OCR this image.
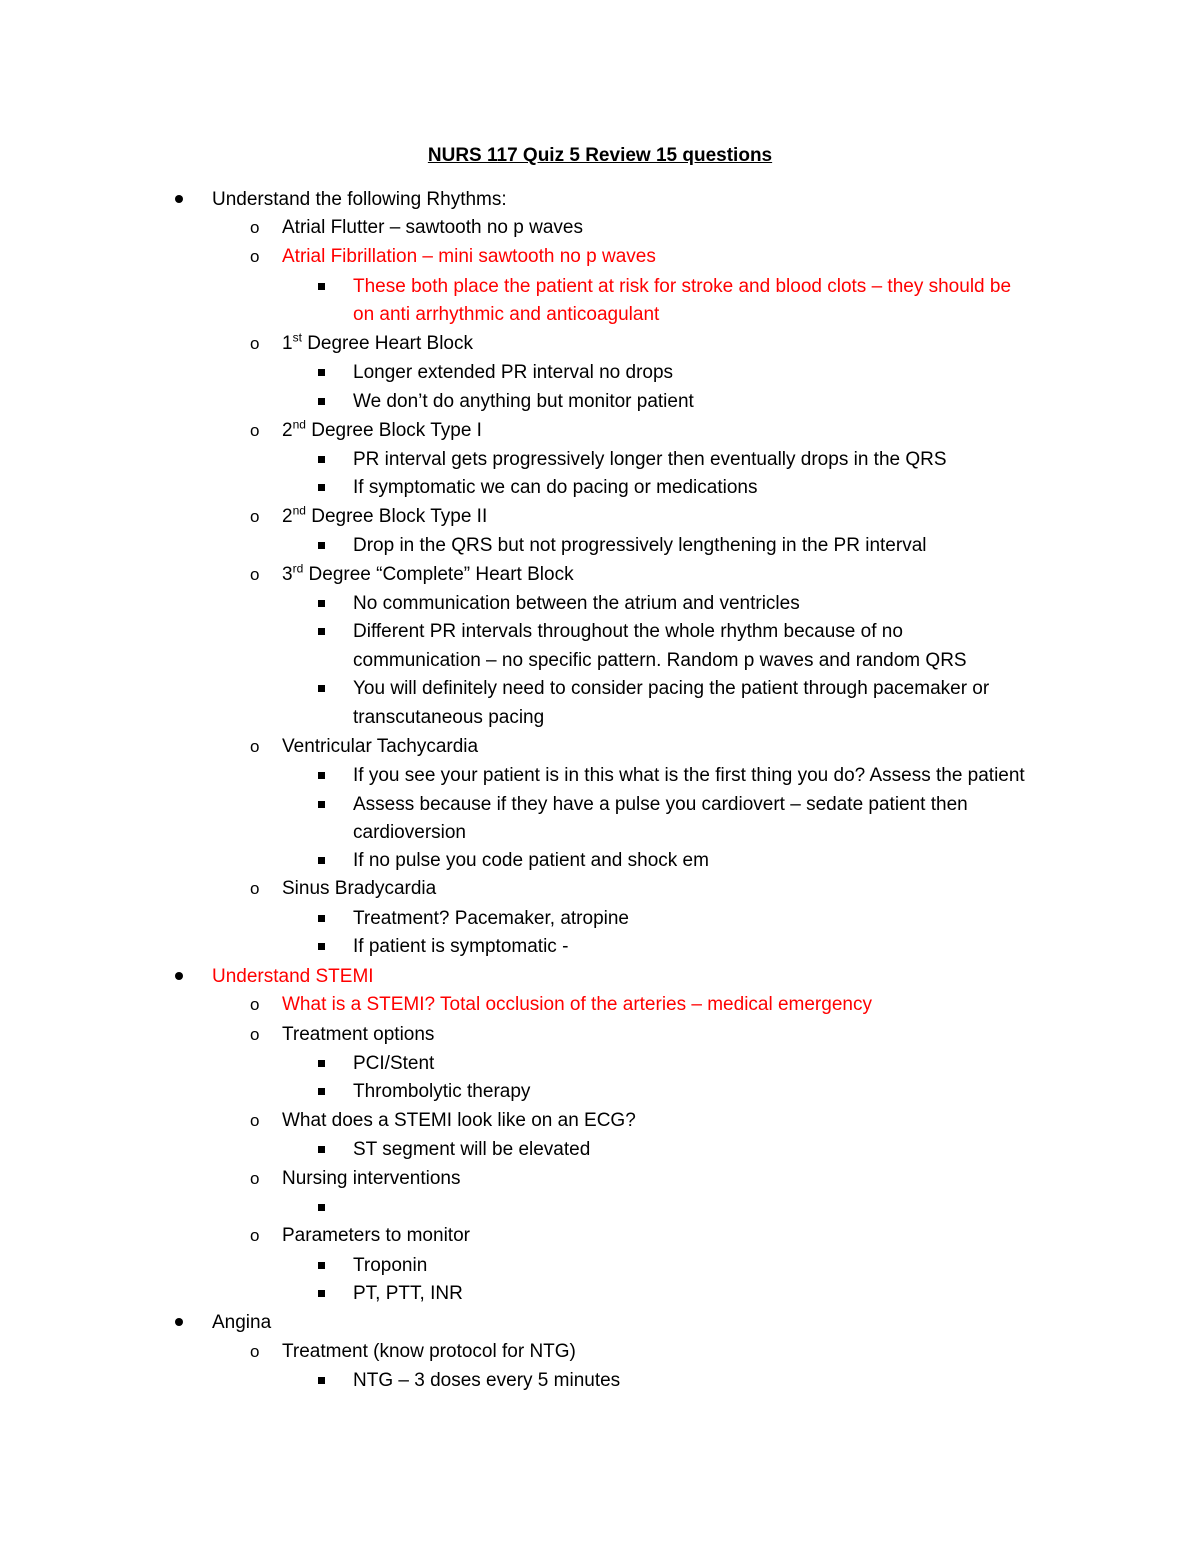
NURS 117 Quiz 5 Review 15 questions
Understand the following Rhythms:
o Atrial Flutter – sawtooth no p waves
o Atrial Fibrillation – mini sawtooth no p waves
These both place the patient at risk for stroke and blood clots – they should be
on anti arrhythmic and anticoagulant
o 1st Degree Heart Block
Longer extended PR interval no drops
We don’t do anything but monitor patient
o 2nd Degree Block Type I
PR interval gets progressively longer then eventually drops in the QRS
If symptomatic we can do pacing or medications
o 2nd Degree Block Type II
Drop in the QRS but not progressively lengthening in the PR interval
o 3rd Degree “Complete” Heart Block
No communication between the atrium and ventricles
Different PR intervals throughout the whole rhythm because of no
communication – no specific pattern. Random p waves and random QRS
You will definitely need to consider pacing the patient through pacemaker or
transcutaneous pacing
o Ventricular Tachycardia
If you see your patient is in this what is the first thing you do? Assess the patient
Assess because if they have a pulse you cardiovert – sedate patient then
cardioversion
If no pulse you code patient and shock em
o Sinus Bradycardia
Treatment? Pacemaker, atropine
If patient is symptomatic -
Understand STEMI
o What is a STEMI? Total occlusion of the arteries – medical emergency
o Treatment options
PCI/Stent
Thrombolytic therapy
o What does a STEMI look like on an ECG?
ST segment will be elevated
o Nursing interventions
o Parameters to monitor
Troponin
PT, PTT, INR
Angina
o Treatment (know protocol for NTG)
NTG – 3 doses every 5 minutes
